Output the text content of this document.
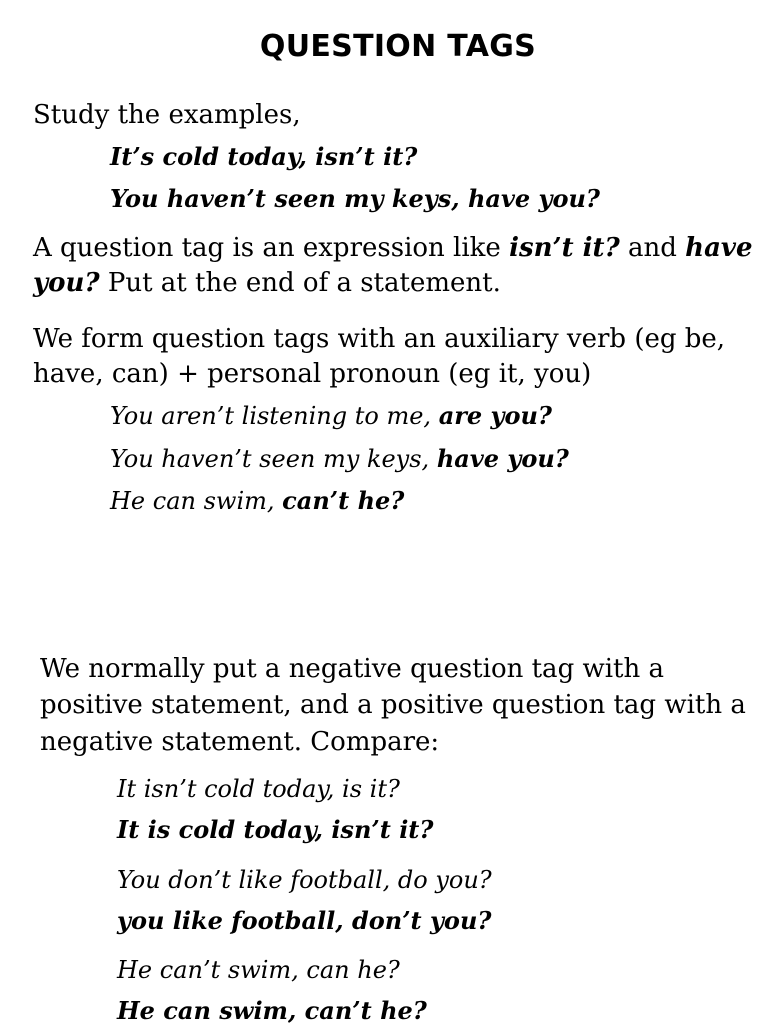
QUESTION TAGS
Study the examples,
It’s cold today, isn’t it?
You haven’t seen my keys, have you?
A question tag is an expression like isn’t it? and have
you? Put at the end of a statement.
We form question tags with an auxiliary verb (eg be,
have, can) + personal pronoun (eg it, you)
You aren’t listening to me, are you?
You haven’t seen my keys, have you?
He can swim, can’t he?
We normally put a negative question tag with a
positive statement, and a positive question tag with a
negative statement. Compare:
It isn’t cold today, is it?
It is cold today, isn’t it?
You don’t like football, do you?
you like football, don’t you?
He can’t swim, can he?
He can swim, can’t he?
